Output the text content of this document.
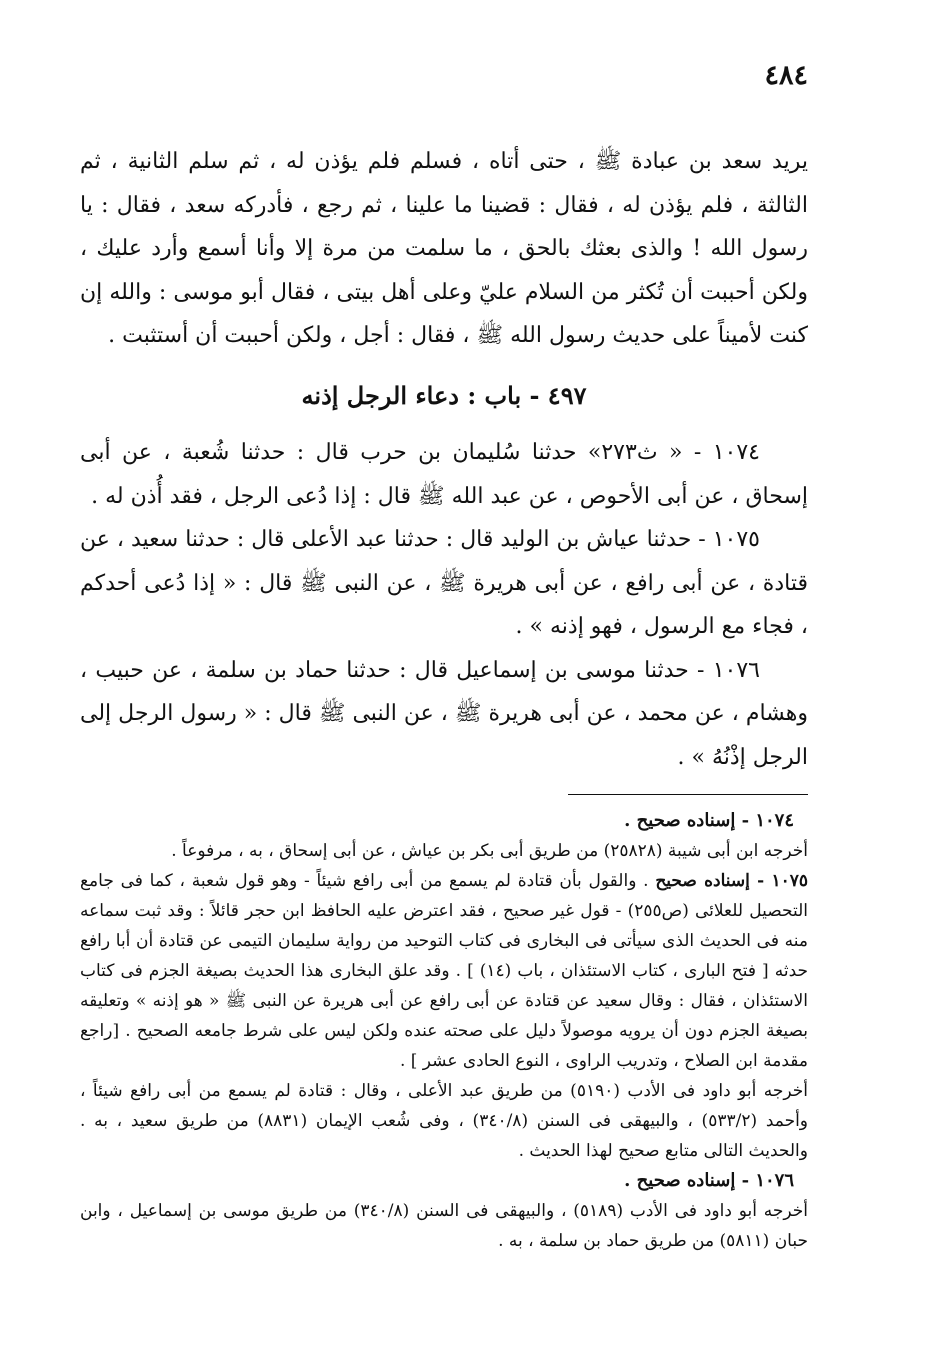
٤٨٤

يريد سعد بن عبادة ﷺ ، حتى أتاه ، فسلم فلم يؤذن له ، ثم سلم الثانية ، ثم الثالثة ، فلم يؤذن له ، فقال : قضينا ما علينا ، ثم رجع ، فأدركه سعد ، فقال : يا رسول الله ! والذى بعثك بالحق ، ما سلمت من مرة إلا وأنا أسمع وأرد عليك ، ولكن أحببت أن تُكثر من السلام عليّ وعلى أهل بيتى ، فقال أبو موسى : والله إن كنت لأميناً على حديث رسول الله ﷺ ، فقال : أجل ، ولكن أحببت أن أستثبت .

٤٩٧ - باب : دعاء الرجل إذنه

١٠٧٤ - « ث٢٧٣» حدثنا سُليمان بن حرب قال : حدثنا شُعبة ، عن أبى إسحاق ، عن أبى الأحوص ، عن عبد الله ﷺ قال : إذا دُعى الرجل ، فقد أُذن له .

١٠٧٥ - حدثنا عياش بن الوليد قال : حدثنا عبد الأعلى قال : حدثنا سعيد ، عن قتادة ، عن أبى رافع ، عن أبى هريرة ﷺ ، عن النبى ﷺ قال : « إذا دُعى أحدكم ، فجاء مع الرسول ، فهو إذنه » .

١٠٧٦ - حدثنا موسى بن إسماعيل قال : حدثنا حماد بن سلمة ، عن حبيب ، وهشام ، عن محمد ، عن أبى هريرة ﷺ ، عن النبى ﷺ قال : « رسول الرجل إلى الرجل إذْنُهُ » .

١٠٧٤ - إسناده صحيح .

أخرجه ابن أبى شيبة (٢٥٨٢٨) من طريق أبى بكر بن عياش ، عن أبى إسحاق ، به ، مرفوعاً .

١٠٧٥ - إسناده صحيح . والقول بأن قتادة لم يسمع من أبى رافع شيئاً - وهو قول شعبة ، كما فى جامع التحصيل للعلائى (ص٢٥٥) - قول غير صحيح ، فقد اعترض عليه الحافظ ابن حجر قائلاً : وقد ثبت سماعه منه فى الحديث الذى سيأتى فى البخارى فى كتاب التوحيد من رواية سليمان التيمى عن قتادة أن أبا رافع حدثه [ فتح البارى ، كتاب الاستئذان ، باب (١٤) ] . وقد علق البخارى هذا الحديث بصيغة الجزم فى كتاب الاستئذان ، فقال : وقال سعيد عن قتادة عن أبى رافع عن أبى هريرة عن النبى ﷺ « هو إذنه » وتعليقه بصيغة الجزم دون أن يرويه موصولاً دليل على صحته عنده ولكن ليس على شرط جامعه الصحيح . [راجع مقدمة ابن الصلاح ، وتدريب الراوى ، النوع الحادى عشر ] .

أخرجه أبو داود فى الأدب (٥١٩٠) من طريق عبد الأعلى ، وقال : قتادة لم يسمع من أبى رافع شيئاً ، وأحمد (٥٣٣/٢) ، والبيهقى فى السنن (٣٤٠/٨) ، وفى شُعب الإيمان (٨٨٣١) من طريق سعيد ، به . والحديث التالى متابع صحيح لهذا الحديث .

١٠٧٦ - إسناده صحيح .

أخرجه أبو داود فى الأدب (٥١٨٩) ، والبيهقى فى السنن (٣٤٠/٨) من طريق موسى بن إسماعيل ، وابن حبان (٥٨١١) من طريق حماد بن سلمة ، به .
